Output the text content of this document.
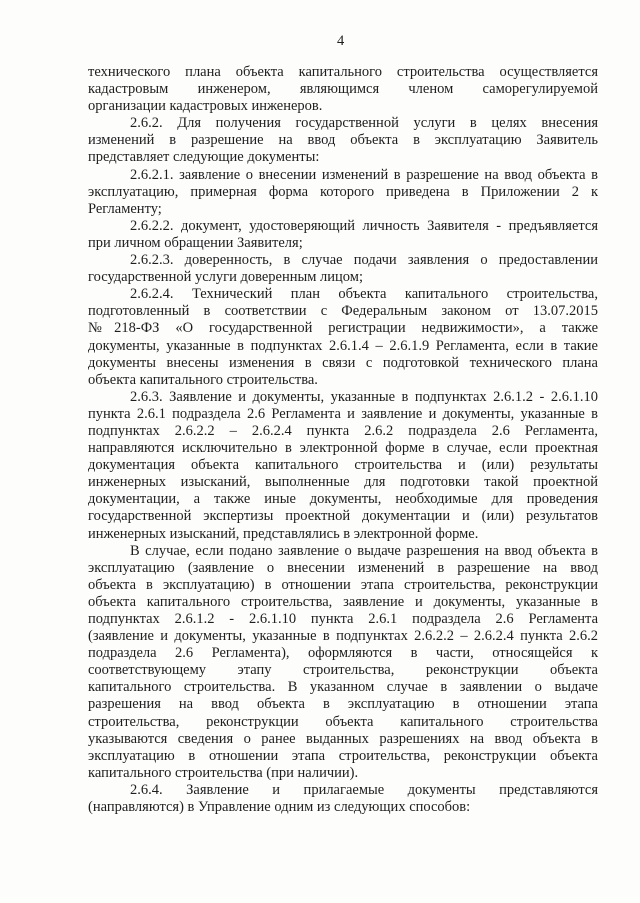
4
технического плана объекта капитального строительства осуществляется
кадастровым инженером, являющимся членом саморегулируемой
организации кадастровых инженеров.
2.6.2. Для получения государственной услуги в целях внесения
изменений в разрешение на ввод объекта в эксплуатацию Заявитель
представляет следующие документы:
2.6.2.1. заявление о внесении изменений в разрешение на ввод объекта в
эксплуатацию, примерная форма которого приведена в Приложении 2 к
Регламенту;
2.6.2.2. документ, удостоверяющий личность Заявителя - предъявляется
при личном обращении Заявителя;
2.6.2.3. доверенность, в случае подачи заявления о предоставлении
государственной услуги доверенным лицом;
2.6.2.4. Технический план объекта капитального строительства,
подготовленный в соответствии с Федеральным законом от 13.07.2015
№218-ФЗ «О государственной регистрации недвижимости», а также
документы, указанные в подпунктах 2.6.1.4 – 2.6.1.9 Регламента, если в такие
документы внесены изменения в связи с подготовкой технического плана
объекта капитального строительства.
2.6.3. Заявление и документы, указанные в подпунктах 2.6.1.2 - 2.6.1.10
пункта 2.6.1 подраздела 2.6 Регламента и заявление и документы, указанные в
подпунктах 2.6.2.2 – 2.6.2.4 пункта 2.6.2 подраздела 2.6 Регламента,
направляются исключительно в электронной форме в случае, если проектная
документация объекта капитального строительства и (или) результаты
инженерных изысканий, выполненные для подготовки такой проектной
документации, а также иные документы, необходимые для проведения
государственной экспертизы проектной документации и (или) результатов
инженерных изысканий, представлялись в электронной форме.
В случае, если подано заявление о выдаче разрешения на ввод объекта в
эксплуатацию (заявление о внесении изменений в разрешение на ввод
объекта в эксплуатацию) в отношении этапа строительства, реконструкции
объекта капитального строительства, заявление и документы, указанные в
подпунктах 2.6.1.2 - 2.6.1.10 пункта 2.6.1 подраздела 2.6 Регламента
(заявление и документы, указанные в подпунктах 2.6.2.2 – 2.6.2.4 пункта 2.6.2
подраздела 2.6 Регламента), оформляются в части, относящейся к
соответствующему этапу строительства, реконструкции объекта
капитального строительства. В указанном случае в заявлении о выдаче
разрешения на ввод объекта в эксплуатацию в отношении этапа
строительства, реконструкции объекта капитального строительства
указываются сведения о ранее выданных разрешениях на ввод объекта в
эксплуатацию в отношении этапа строительства, реконструкции объекта
капитального строительства (при наличии).
2.6.4. Заявление и прилагаемые документы представляются
(направляются) в Управление одним из следующих способов:
